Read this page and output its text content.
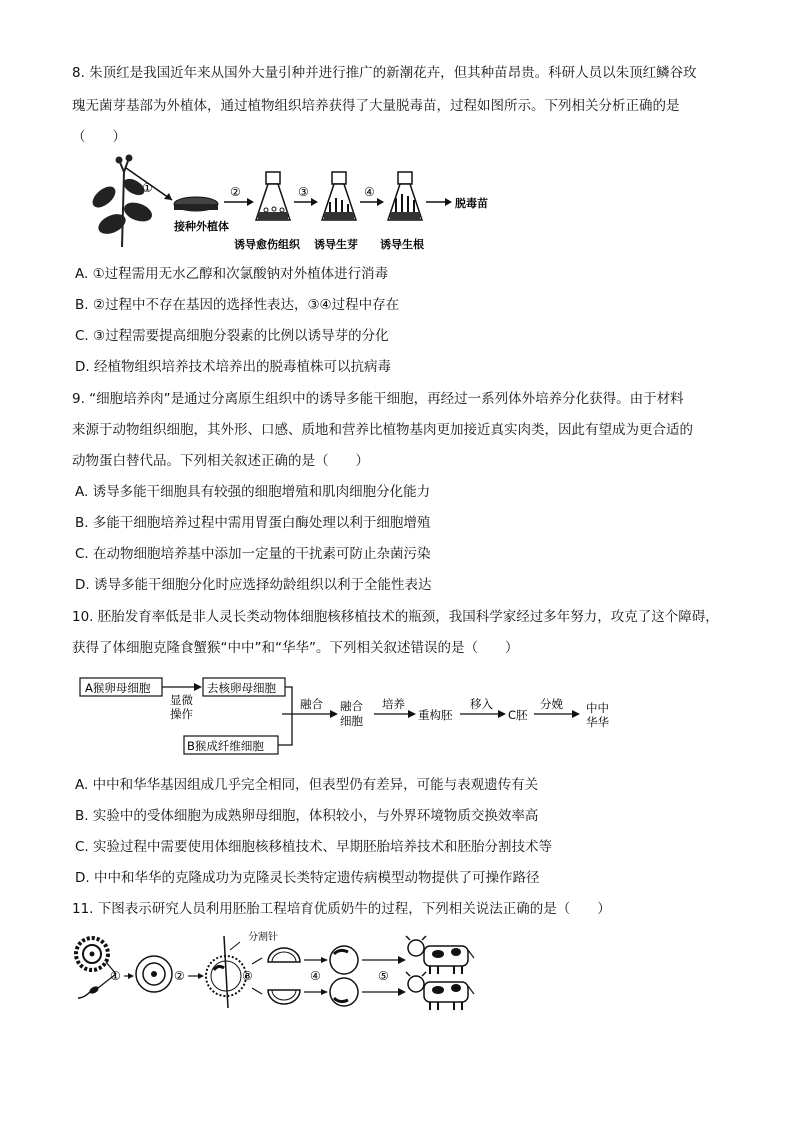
8. 朱顶红是我国近年来从国外大量引种并进行推广的新潮花卉，但其种苗昂贵。科研人员以朱顶红鳞谷玫
瑰无菌芽基部为外植体，通过植物组织培养获得了大量脱毒苗，过程如图所示。下列相关分析正确的是
（　　）
①
接种外植体
②
诱导愈伤组织
③
诱导生芽
④
诱导生根
脱毒苗
A. ①过程需用无水乙醇和次氯酸钠对外植体进行消毒
B. ②过程中不存在基因的选择性表达，③④过程中存在
C. ③过程需要提高细胞分裂素的比例以诱导芽的分化
D. 经植物组织培养技术培养出的脱毒植株可以抗病毒
9. “细胞培养肉”是通过分离原生组织中的诱导多能干细胞，再经过一系列体外培养分化获得。由于材料
来源于动物组织细胞，其外形、口感、质地和营养比植物基肉更加接近真实肉类，因此有望成为更合适的
动物蛋白替代品。下列相关叙述正确的是（　　）
A. 诱导多能干细胞具有较强的细胞增殖和肌肉细胞分化能力
B. 多能干细胞培养过程中需用胃蛋白酶处理以利于细胞增殖
C. 在动物细胞培养基中添加一定量的干扰素可防止杂菌污染
D. 诱导多能干细胞分化时应选择幼龄组织以利于全能性表达
10. 胚胎发育率低是非人灵长类动物体细胞核移植技术的瓶颈，我国科学家经过多年努力，攻克了这个障碍，
获得了体细胞克隆食蟹猴“中中”和“华华”。下列相关叙述错误的是（　　）
A猴卵母细胞
显微
操作
去核卵母细胞
B猴成纤维细胞
融合 融合
细胞
培养
重构胚
移入
C胚
分娩 中中
华华
A. 中中和华华基因组成几乎完全相同，但表型仍有差异，可能与表观遗传有关
B. 实验中的受体细胞为成熟卵母细胞，体积较小，与外界环境物质交换效率高
C. 实验过程中需要使用体细胞核移植技术、早期胚胎培养技术和胚胎分割技术等
D. 中中和华华的克隆成功为克隆灵长类特定遗传病模型动物提供了可操作路径
11. 下图表示研究人员利用胚胎工程培育优质奶牛的过程，下列相关说法正确的是（　　）
①	②
分割针
③	④	⑤
